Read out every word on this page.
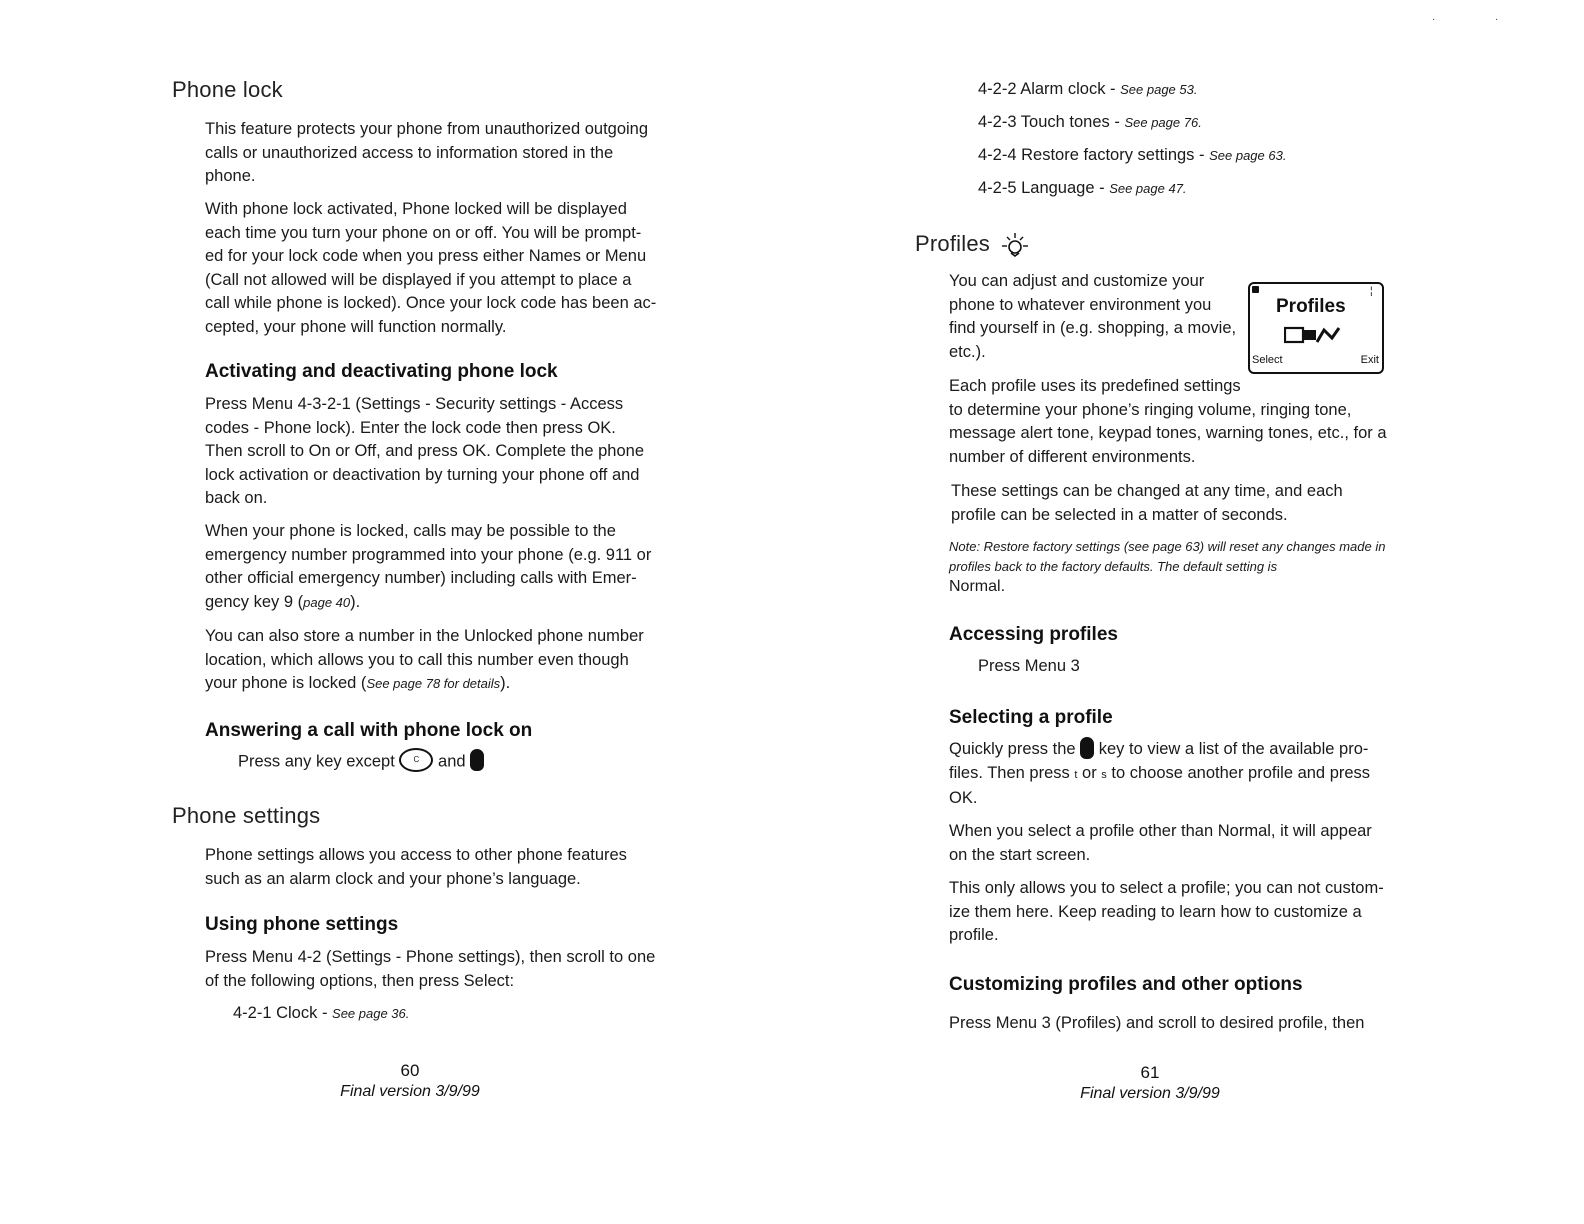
Phone lock
This feature protects your phone from unauthorized outgoing calls or unauthorized access to information stored in the phone.
With phone lock activated, Phone locked will be displayed each time you turn your phone on or off. You will be prompt- ed for your lock code when you press either Names or Menu (Call not allowed will be displayed if you attempt to place a call while phone is locked). Once your lock code has been ac- cepted, your phone will function normally.
Activating and deactivating phone lock
Press Menu 4-3-2-1 (Settings - Security settings - Access codes - Phone lock). Enter the lock code then press OK. Then scroll to On or Off, and press OK. Complete the phone lock activation or deactivation by turning your phone off and back on.
When your phone is locked, calls may be possible to the emergency number programmed into your phone (e.g. 911 or other official emergency number) including calls with Emer- gency key 9 (page 40).
You can also store a number in the Unlocked phone number location, which allows you to call this number even though your phone is locked (See page 78 for details).
Answering a call with phone lock on
Press any key except C and
Phone settings
Phone settings allows you access to other phone features such as an alarm clock and your phone’s language.
Using phone settings
Press Menu 4-2 (Settings - Phone settings), then scroll to one of the following options, then press Select:
4-2-1 Clock - See page 36.
60
Final version 3/9/99
·	·
4-2-2 Alarm clock - See page 53.
4-2-3 Touch tones - See page 76.
4-2-4 Restore factory settings - See page 63.
4-2-5 Language - See page 47.
Profiles
You can adjust and customize your phone to whatever environment you find yourself in (e.g. shopping, a movie, etc.).
¦
Profiles
Select	Exit
Each profile uses its predefined settings
to determine your phone’s ringing volume, ringing tone, message alert tone, keypad tones, warning tones, etc., for a number of different environments.
These settings can be changed at any time, and each profile can be selected in a matter of seconds.
Note: Restore factory settings (see page 63) will reset any changes made in profiles back to the factory defaults. The default setting is
Normal.
Accessing profiles
Press Menu 3
Selecting a profile
Quickly press the key to view a list of the available pro- files. Then press t or s to choose another profile and press OK.
When you select a profile other than Normal, it will appear on the start screen.
This only allows you to select a profile; you can not custom- ize them here. Keep reading to learn how to customize a profile.
Customizing profiles and other options
Press Menu 3 (Profiles) and scroll to desired profile, then
61
Final version 3/9/99
